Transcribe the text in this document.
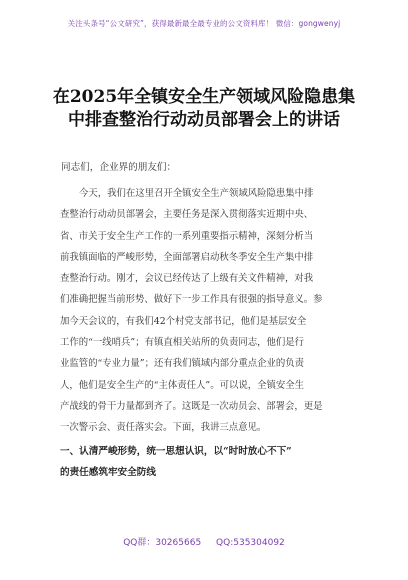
关注头条号“公文研究”，获得最新最全最专业的公文资料库！ 微信：gongwenyj
在2025年全镇安全生产领域风险隐患集
中排查整治行动动员部署会上的讲话
同志们，企业界的朋友们：
今天，我们在这里召开全镇安全生产领域风险隐患集中排
查整治行动动员部署会，主要任务是深入贯彻落实近期中央、
省、市关于安全生产工作的一系列重要指示精神，深刻分析当
前我镇面临的严峻形势，全面部署启动秋冬季安全生产集中排
查整治行动。刚才，会议已经传达了上级有关文件精神，对我
们准确把握当前形势、做好下一步工作具有很强的指导意义。参
加今天会议的，有我们42个村党支部书记，他们是基层安全
工作的“一线哨兵”；有镇直相关站所的负责同志，他们是行
业监管的“专业力量”；还有我们镇域内部分重点企业的负责
人，他们是安全生产的“主体责任人”。可以说，全镇安全生
产战线的骨干力量都到齐了。这既是一次动员会、部署会，更是
一次警示会、责任落实会。下面，我讲三点意见。
一、认清严峻形势，统一思想认识，以“时时放心不下”
的责任感筑牢安全防线
QQ群：30265665 QQ:535304092
